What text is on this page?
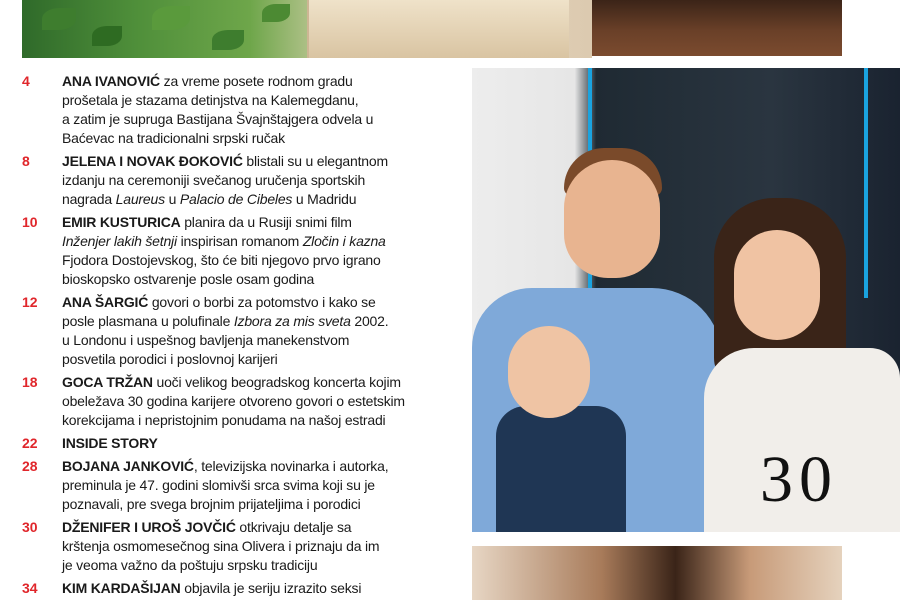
4	ANA IVANOVIĆ za vreme posete rodnom gradu
prošetala je stazama detinjstva na Kalemegdanu,
a zatim je supruga Bastijana Švajnštajgera odvela u
Baćevac na tradicionalni srpski ručak
8	JELENA I NOVAK ĐOKOVIĆ blistali su u elegantnom
izdanju na ceremoniji svečanog uručenja sportskih
nagrada Laureus u Palacio de Cibeles u Madridu
10	EMIR KUSTURICA planira da u Rusiji snimi film
Inženjer lakih šetnji inspirisan romanom Zločin i kazna
Fjodora Dostojevskog, što će biti njegovo prvo igrano
bioskopsko ostvarenje posle osam godina
12	ANA ŠARGIĆ govori o borbi za potomstvo i kako se
posle plasmana u polufinale Izbora za mis sveta 2002.
u Londonu i uspešnog bavljenja manekenstvom
posvetila porodici i poslovnoj karijeri
18	GOCA TRŽAN uoči velikog beogradskog koncerta kojim
obeležava 30 godina karijere otvoreno govori o estetskim
korekcijama i nepristojnim ponudama na našoj estradi
22	INSIDE STORY
28	BOJANA JANKOVIĆ, televizijska novinarka i autorka,
preminula je 47. godini slomivši srca svima koji su je
poznavali, pre svega brojnim prijateljima i porodici
30	DŽENIFER I UROŠ JOVČIĆ otkrivaju detalje sa
krštenja osmomesečnog sina Olivera i priznaju da im
je veoma važno da poštuju srpsku tradiciju
34	KIM KARDAŠIJAN objavila je seriju izrazito seksi
30
